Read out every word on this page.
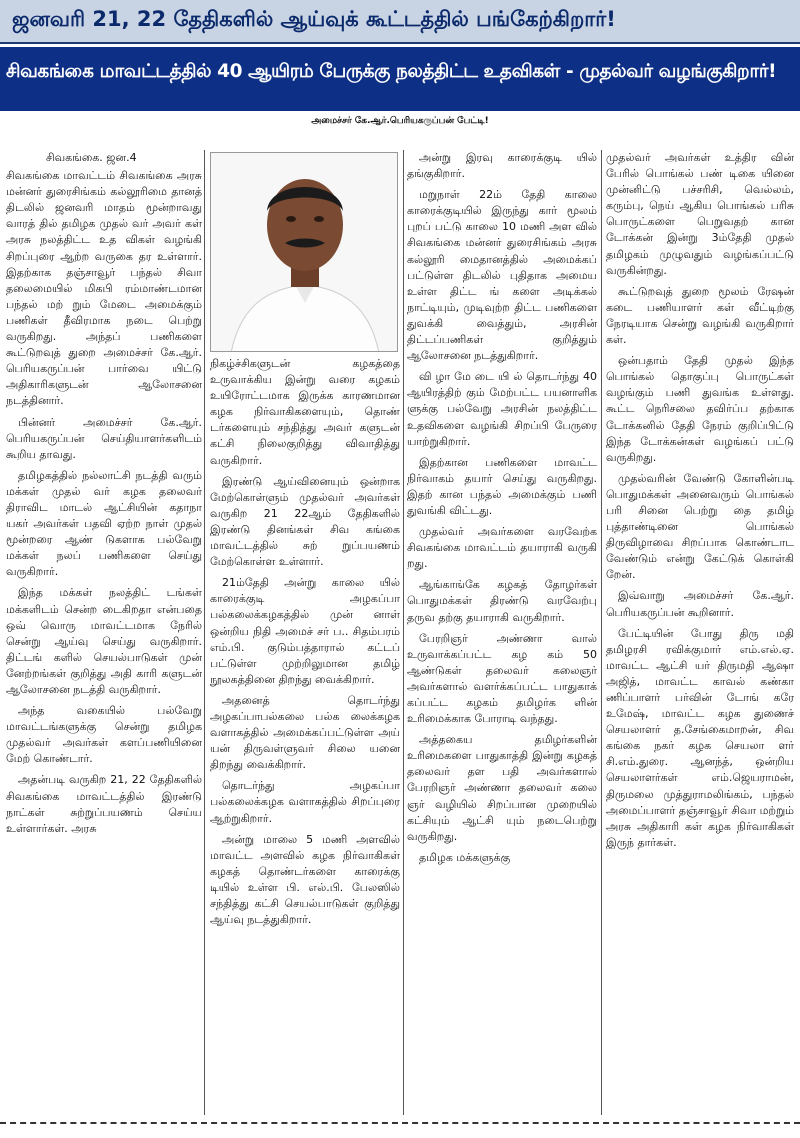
ஜனவரி 21, 22 தேதிகளில் ஆய்வுக் கூட்டத்தில் பங்கேற்கிறார்!
சிவகங்கை மாவட்டத்தில் 40 ஆயிரம் பேருக்கு நலத்திட்ட உதவிகள் - முதல்வர் வழங்குகிறார்!
அமைச்சர் கே.ஆர்.பெரியகருப்பன் பேட்டி!
சிவகங்கை. ஜன.4

சிவகங்கை மாவட்டம் சிவகங்கை அரசு மன்னர் துரைசிங்கம் கல்லூரிமை தானத் திடலில் ஜனவரி மாதம் மூன்றாவது வாரத் தில் தமிழக முதல் வர் அவர் கள் அரசு நலத்திட்ட உத விகள் வழங்கி சிறப்புரை ஆற்ற வருகை தர உள்ளார். இதற்காக தஞ்சாவூர் பந்தல் சிவா தலைமையில் மிகபி ரம்மாண்டமான பந்தல் மற் றும் மேடை அமைக்கும் பணிகள் தீவிரமாக நடை பெற்று வருகிறது. அந்தப் பணிகளை கூட்டுறவுத் துறை அமைச்சர் கே.ஆர். பெரியகருப்பன் பார்வை யிட்டு அதிகாரிகளுடன் ஆலோசனை நடத்தினார்.

பின்னர் அமைச்சர் கே.ஆர். பெரியகருப்பன் செய்தியாளர்களிடம் கூறிய தாவது.

தமிழகத்தில் நல்லாட்சி நடத்தி வரும் மக்கள் முதல் வர் கழக தலைவர் திராவிட மாடல் ஆட்சியின் கதாநா யகர் அவர்கள் பதவி ஏற்ற நாள் முதல் மூன்றரை ஆண் டுகளாக பல்வேறு மக்கள் நலப் பணிகளை செய்து வருகிறார்.

இந்த மக்கள் நலத்திட் டங்கள் மக்களிடம் சென்ற டைகிறதா என்பதை ஒவ் வொரு மாவட்டமாக நேரில் சென்று ஆய்வு செய்து வருகிறார். திட்டங் களில் செயல்பாடுகள் முன் னேற்றங்கள் குறித்து அதி காரி களுடன் ஆலோசனை நடத்தி வருகிறார்.

அந்த வகையில் பல்வேறு மாவட்டங்களுக்கு சென்று தமிழக முதல்வர் அவர்கள் களப்பணியினை மேற் கொண்டார்.

அதன்படி வருகிற 21, 22 தேதிகளில் சிவகங்கை மாவட்டத்தில் இரண்டு நாட்கள் சுற்றுப்பயணம் செய்ய உள்ளார்கள். அரசு

நிகழ்ச்சிகளுடன் கழகத்தை உருவாக்கிய இன்று வரை கழகம் உயிரோட்டமாக இருக்க காரணமான கழக நிர்வாகிகளையும், தொண் டர்களையும் சந்தித்து அவர் களுடன் கட்சி நிலைகுறித்து விவாதித்து வருகிறார்.

இரண்டு ஆய்வினையும் ஒன்றாக மேற்கொள்ளும் முதல்வர் அவர்கள் வருகிற 21 22ஆம் தேதிகளில் இரண்டு தினங்கள் சிவ கங்கை மாவட்டத்தில் சுற் றுப்பயணம் மேற்கொள்ள உள்ளார்.

21ம்தேதி அன்று காலை யில் காரைக்குடி அழகப்பா பல்கலைக்கழகத்தில் முன் னாள் ஒன்றிய நிதி அமைச் சர் ப.. சிதம்பரம் எம்.பி. குடும்பத்தாரால் கட்டப் பட்டுள்ள முற்றிலுமான தமிழ் நூலகத்தினை திறந்து வைக்கிறார்.

அதனைத் தொடர்ந்து அழகப்பாபல்கலை பல்க லைக்கழக வளாகத்தில் அமைக்கப்பட்டுள்ள அய் யன் திருவள்ளுவர் சிலை யனை திறந்து வைக்கிறார்.

தொடர்ந்து அழகப்பா பல்கலைக்கழக வளாகத்தில் சிறப்புரை ஆற்றுகிறார்.

அன்று மாலை 5 மணி அளவில் மாவட்ட அளவில் கழக நிர்வாகிகள் கழகத் தொண்டர்களை காரைக்கு டியில் உள்ள பி. எல்.பி. பேலஸில் சந்தித்து கட்சி செயல்பாடுகள் குறித்து ஆய்வு நடத்துகிறார்.

அன்று இரவு காரைக்குடி யில் தங்குகிறார்.

மறுநாள் 22ம் தேதி காலை காரைக்குடியில் இருந்து கார் மூலம் புறப் பட்டு காலை 10 மணி அள வில் சிவகங்கை மன்னர் துரைசிங்கம் அரசு கல்லூரி மைதானத்தில் அமைக்கப் பட்டுள்ள திடலில் புதிதாக அமைய உள்ள திட்ட ங் களை அடிக்கல் நாட்டியும், முடிவுற்ற திட்ட பணிகளை துவக்கி வைத்தும், அரசின் திட்டப்பணிகள் குறித்தும் ஆலோசனை நடத்துகிறார்.

வி ழா மே டை யி ல் தொடர்ந்து 40 ஆயிரத்திற் கும் மேற்பட்ட பயனாளிக ளுக்கு பல்வேறு அரசின் நலத்திட்ட உதவிகளை வழங்கி சிறப்பி பேருரை யாற்றுகிறார்.

இதற்கான பணிகளை மாவட்ட நிர்வாகம் தயார் செய்து வருகிறது. இதற் கான பந்தல் அமைக்கும் பணி துவங்கி விட்டது.

முதல்வர் அவர்களை வரவேற்க சிவகங்கை மாவட்டம் தயாராகி வருகி றது.

ஆங்காங்கே கழகத் தோழர்கள் பொதுமக்கள் திரண்டு வரவேற்பு தருவ தற்கு தயாராகி வருகிறார்.

பேரறிஞர் அண்ணா வால் உருவாக்கப்பட்ட கழ கம் 50 ஆண்டுகள் தலைவர் கலைஞர் அவர்களால் வளர்க்கப்பட்ட பாதுகாக் கப்பட்ட கழகம் தமிழர்க ளின் உரிமைக்காக போராடி வந்தது.

அத்தகைய தமிழர்களின் உரிமைகளை பாதுகாத்தி இன்று கழகத் தலைவர் தள பதி அவர்களால் பேரறிஞர் அண்ணா தலைவர் கலை ஞர் வழியில் சிறப்பான முறையில் கட்சியும் ஆட்சி யும் நடைபெற்று வருகிறது.

தமிழக மக்களுக்கு

முதல்வர் அவர்கள் உத்திர வின் பேரில் பொங்கல் பண் டிகை யினை முன்னிட்டு பச்சரிசி, வெல்லம், கரும்பு, நெய் ஆகிய பொங்கல் பரிசு பொருட்களை பெறுவதற் கான டோக்கன் இன்று 3ம்தேதி முதல் தமிழகம் முழுவதும் வழங்கப்பட்டு வருகின்றது.

கூட்டுறவுத் துறை மூலம் ரேஷன் கடை பணியாளர் கள் வீட்டிற்கு நேரடியாக சென்று வழங்கி வருகிறார் கள்.

ஒன்பதாம் தேதி முதல் இந்த பொங்கல் தொகுப்பு பொருட்கள் வழங்கும் பணி துவங்க உள்ளது. கூட்ட நெரிசலை தவிர்ப்ப தற்காக டோக்கனில் தேதி நேரம் குறிப்பிட்டு இந்த டோக்கன்கள் வழங்கப் பட்டு வருகிறது.

முதல்வரின் வேண்டு கோளின்படி பொதுமக்கள் அனைவரும் பொங்கல் பரி சினை பெற்று தை தமிழ் புத்தாண்டினை பொங்கல் திருவிழாவை சிறப்பாக கொண்டாட வேண்டும் என்று கேட்டுக் கொள்கி றேன்.

இவ்வாறு அமைச்சர் கே.ஆர். பெரியகருப்பன் கூறினார்.

பேட்டியின் போது திரு மதி தமிழரசி ரவிக்குமார் எம்.எல்.ஏ. மாவட்ட ஆட்சி யர் திருமதி ஆஷா அஜித், மாவட்ட காவல் கண்கா ணிப்பாளர் பர்வின் டோங் கரே உமேஷ், மாவட்ட கழக துணைச் செயலாளர் த.சேங்கைமாறன், சிவ கங்கை நகர் கழக செயலா ளர் சி.எம்.துரை. ஆனந்த், ஒன்றிய செயலாளர்கள் எம்.ஜெயராமன், திருமலை முத்துராமலிங்கம், பந்தல் அமைப்பாளர் தஞ்சாவூர் சிவா மற்றும் அரசு அதிகாரி கள் கழக நிர்வாகிகள் இருந் தார்கள்.
